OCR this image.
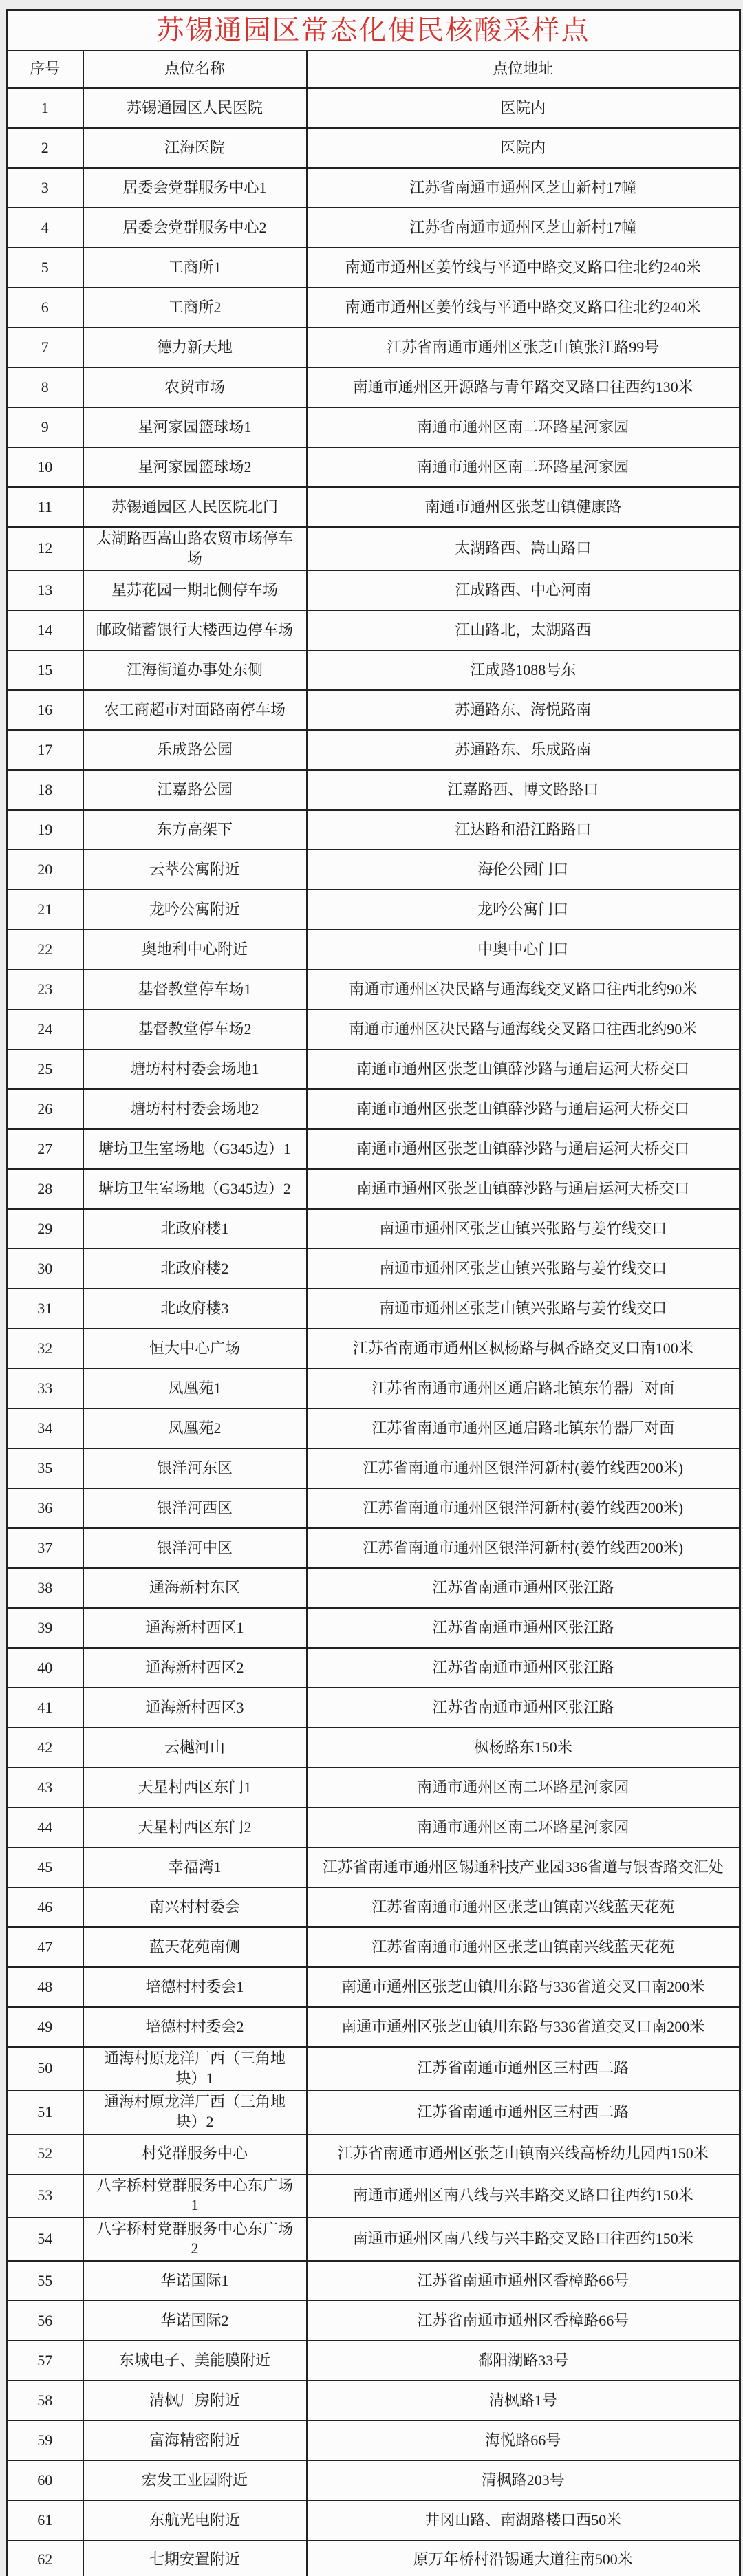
苏锡通园区常态化便民核酸采样点		
序号	点位名称	点位地址
1	苏锡通园区人民医院	医院内
2	江海医院	医院内
3	居委会党群服务中心1	江苏省南通市通州区芝山新村17幢
4	居委会党群服务中心2	江苏省南通市通州区芝山新村17幢
5	工商所1	南通市通州区姜竹线与平通中路交叉路口往北约240米
6	工商所2	南通市通州区姜竹线与平通中路交叉路口往北约240米
7	德力新天地	江苏省南通市通州区张芝山镇张江路99号
8	农贸市场	南通市通州区开源路与青年路交叉路口往西约130米
9	星河家园篮球场1	南通市通州区南二环路星河家园
10	星河家园篮球场2	南通市通州区南二环路星河家园
11	苏锡通园区人民医院北门	南通市通州区张芝山镇健康路
12	太湖路西嵩山路农贸市场停车场	太湖路西、嵩山路口
13	星苏花园一期北侧停车场	江成路西、中心河南
14	邮政储蓄银行大楼西边停车场	江山路北，太湖路西
15	江海街道办事处东侧	江成路1088号东
16	农工商超市对面路南停车场	苏通路东、海悦路南
17	乐成路公园	苏通路东、乐成路南
18	江嘉路公园	江嘉路西、博文路路口
19	东方高架下	江达路和沿江路路口
20	云萃公寓附近	海伦公园门口
21	龙吟公寓附近	龙吟公寓门口
22	奥地利中心附近	中奥中心门口
23	基督教堂停车场1	南通市通州区决民路与通海线交叉路口往西北约90米
24	基督教堂停车场2	南通市通州区决民路与通海线交叉路口往西北约90米
25	塘坊村村委会场地1	南通市通州区张芝山镇薛沙路与通启运河大桥交口
26	塘坊村村委会场地2	南通市通州区张芝山镇薛沙路与通启运河大桥交口
27	塘坊卫生室场地（G345边）1	南通市通州区张芝山镇薛沙路与通启运河大桥交口
28	塘坊卫生室场地（G345边）2	南通市通州区张芝山镇薛沙路与通启运河大桥交口
29	北政府楼1	南通市通州区张芝山镇兴张路与姜竹线交口
30	北政府楼2	南通市通州区张芝山镇兴张路与姜竹线交口
31	北政府楼3	南通市通州区张芝山镇兴张路与姜竹线交口
32	恒大中心广场	江苏省南通市通州区枫杨路与枫香路交叉口南100米
33	凤凰苑1	江苏省南通市通州区通启路北镇东竹器厂对面
34	凤凰苑2	江苏省南通市通州区通启路北镇东竹器厂对面
35	银洋河东区	江苏省南通市通州区银洋河新村(姜竹线西200米)
36	银洋河西区	江苏省南通市通州区银洋河新村(姜竹线西200米)
37	银洋河中区	江苏省南通市通州区银洋河新村(姜竹线西200米)
38	通海新村东区	江苏省南通市通州区张江路
39	通海新村西区1	江苏省南通市通州区张江路
40	通海新村西区2	江苏省南通市通州区张江路
41	通海新村西区3	江苏省南通市通州区张江路
42	云樾河山	枫杨路东150米
43	天星村西区东门1	南通市通州区南二环路星河家园
44	天星村西区东门2	南通市通州区南二环路星河家园
45	幸福湾1	江苏省南通市通州区锡通科技产业园336省道与银杏路交汇处
46	南兴村村委会	江苏省南通市通州区张芝山镇南兴线蓝天花苑
47	蓝天花苑南侧	江苏省南通市通州区张芝山镇南兴线蓝天花苑
48	培德村村委会1	南通市通州区张芝山镇川东路与336省道交叉口南200米
49	培德村村委会2	南通市通州区张芝山镇川东路与336省道交叉口南200米
50	通海村原龙洋厂西（三角地块）1	江苏省南通市通州区三村西二路
51	通海村原龙洋厂西（三角地块）2	江苏省南通市通州区三村西二路
52	村党群服务中心	江苏省南通市通州区张芝山镇南兴线高桥幼儿园西150米
53	八字桥村党群服务中心东广场1	南通市通州区南八线与兴丰路交叉路口往西约150米
54	八字桥村党群服务中心东广场2	南通市通州区南八线与兴丰路交叉路口往西约150米
55	华诺国际1	江苏省南通市通州区香樟路66号
56	华诺国际2	江苏省南通市通州区香樟路66号
57	东城电子、美能膜附近	鄱阳湖路33号
58	清枫厂房附近	清枫路1号
59	富海精密附近	海悦路66号
60	宏发工业园附近	清枫路203号
61	东航光电附近	井冈山路、南湖路楼口西50米
62	七期安置附近	原万年桥村沿锡通大道往南500米
